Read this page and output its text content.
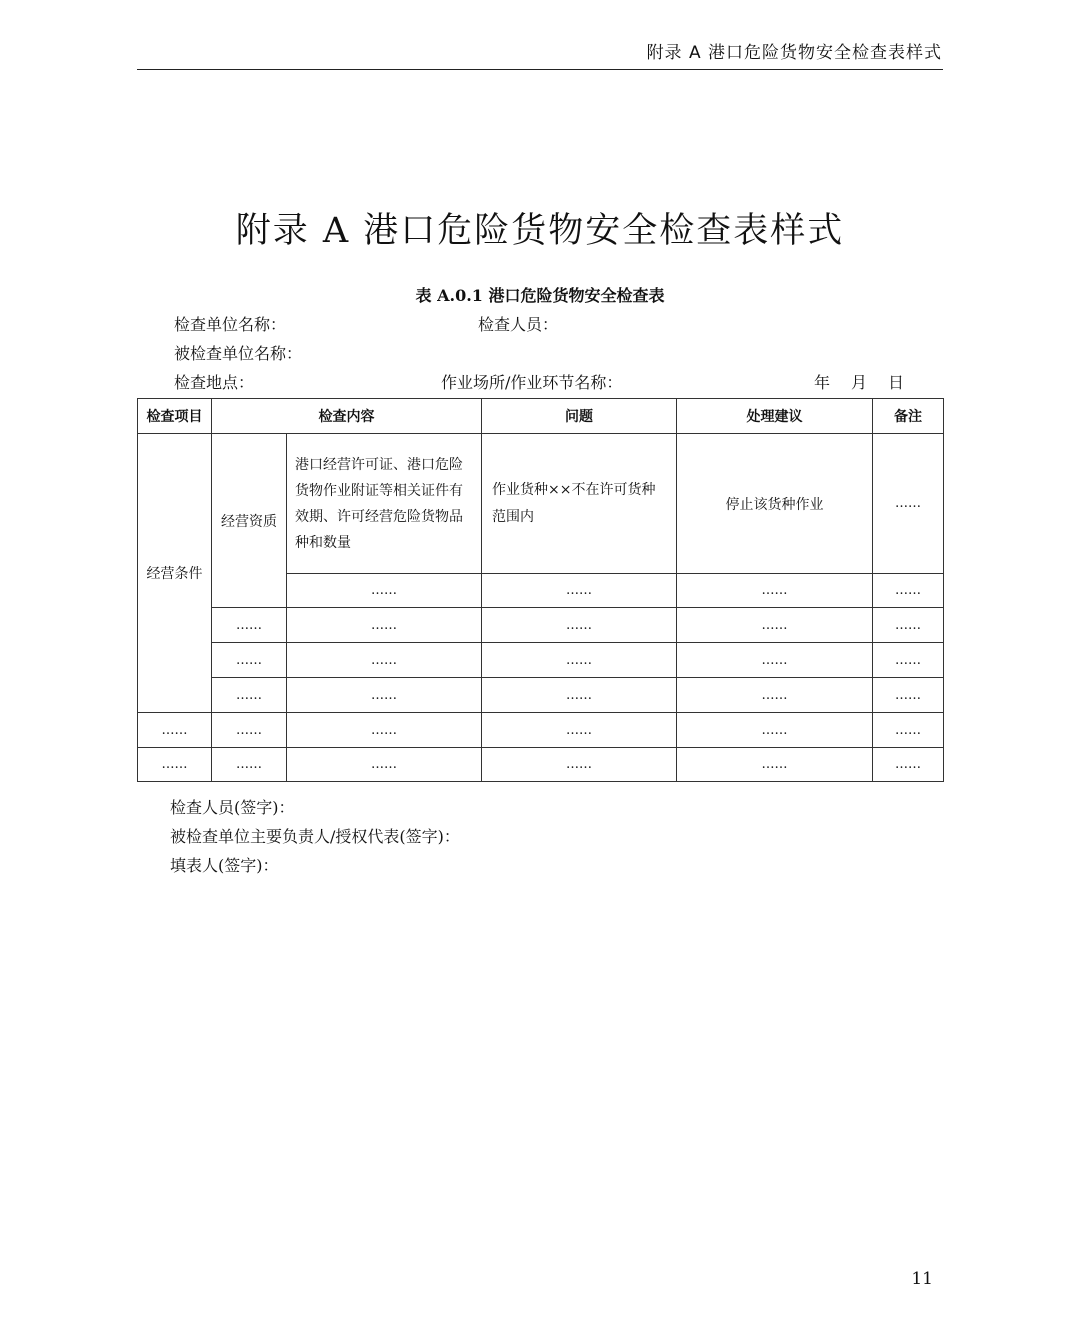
附录 A 港口危险货物安全检查表样式
附录 A 港口危险货物安全检查表样式
表 A.0.1 港口危险货物安全检查表
检查单位名称：	检查人员：
被检查单位名称：
检查地点：	作业场所/作业环节名称：	年 月 日
检查项目	检查内容		问题	处理建议	备注
经营条件	经营资质	港口经营许可证、港口危险货物作业附证等相关证件有效期、许可经营危险货物品种和数量	作业货种××不在许可货种范围内	停止该货种作业	……
		……	……	……	……
	……	……	……	……	……
	……	……	……	……	……
	……	……	……	……	……
……	……	……	……	……	……
……	……	……	……	……	……
检查人员(签字)：
被检查单位主要负责人/授权代表(签字)：
填表人(签字)：
11
